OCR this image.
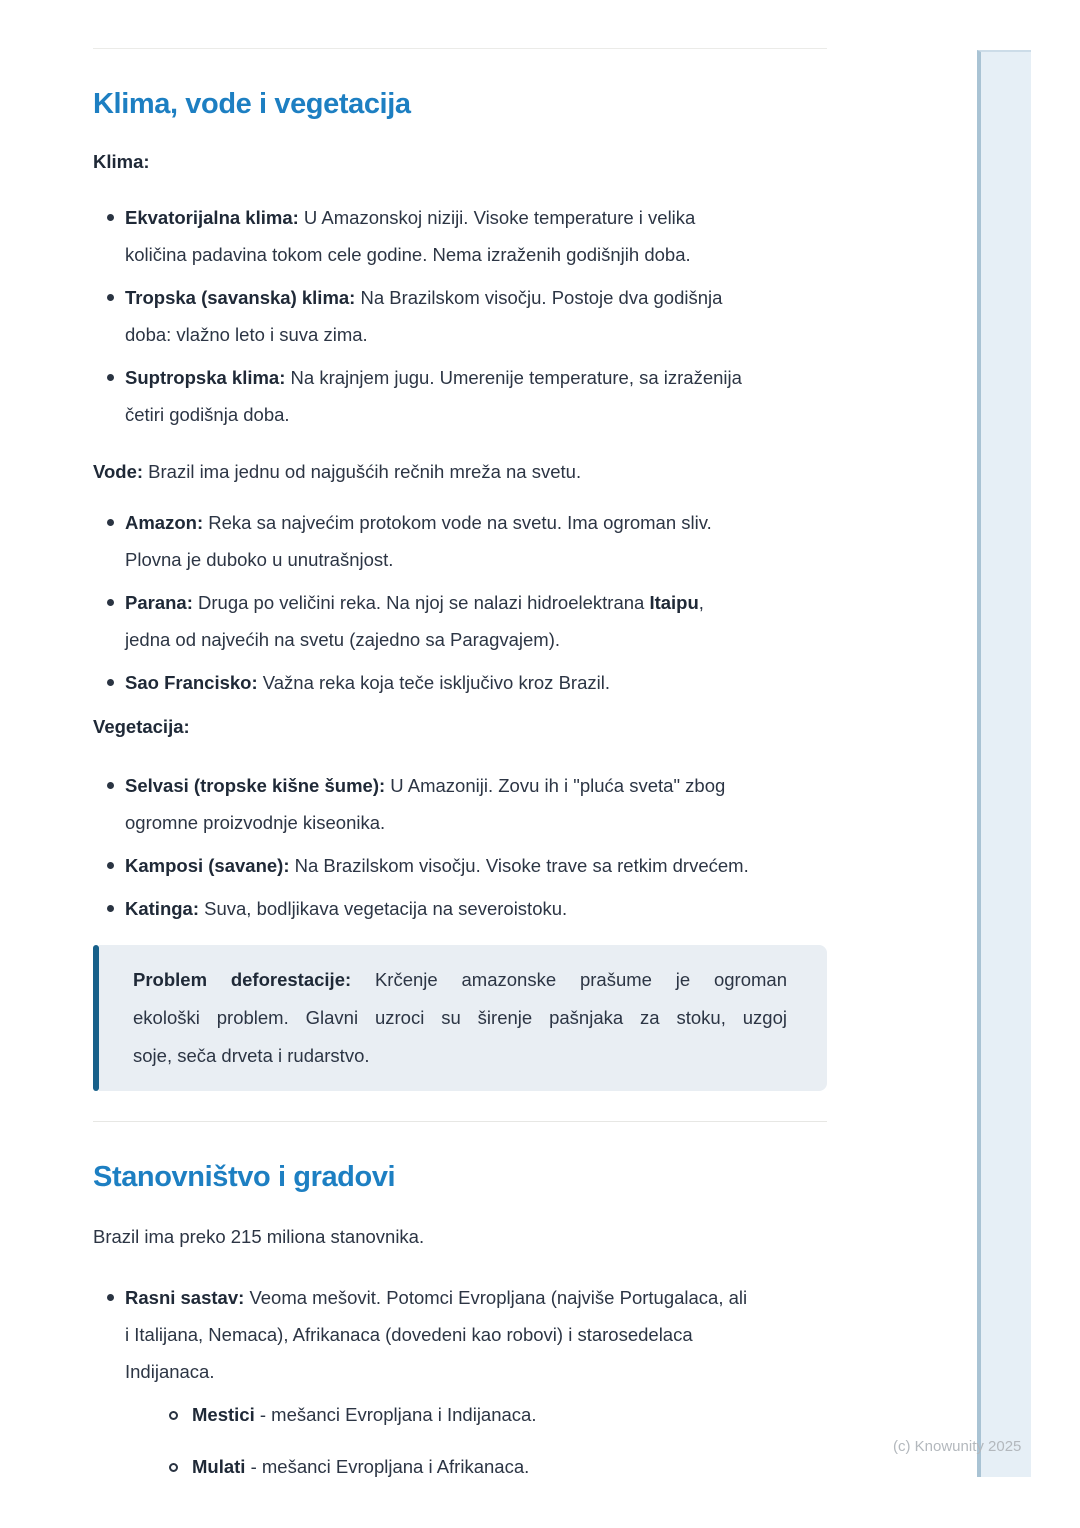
Klima, vode i vegetacija

Klima:

Ekvatorijalna klima: U Amazonskoj niziji. Visoke temperature i velika
količina padavina tokom cele godine. Nema izraženih godišnjih doba.
Tropska (savanska) klima: Na Brazilskom visočju. Postoje dva godišnja
doba: vlažno leto i suva zima.
Suptropska klima: Na krajnjem jugu. Umerenije temperature, sa izraženija
četiri godišnja doba.

Vode: Brazil ima jednu od najgušćih rečnih mreža na svetu.

Amazon: Reka sa najvećim protokom vode na svetu. Ima ogroman sliv.
Plovna je duboko u unutrašnjost.
Parana: Druga po veličini reka. Na njoj se nalazi hidroelektrana Itaipu,
jedna od najvećih na svetu (zajedno sa Paragvajem).
Sao Francisko: Važna reka koja teče isključivo kroz Brazil.

Vegetacija:

Selvasi (tropske kišne šume): U Amazoniji. Zovu ih i "pluća sveta" zbog
ogromne proizvodnje kiseonika.
Kamposi (savane): Na Brazilskom visočju. Visoke trave sa retkim drvećem.
Katinga: Suva, bodljikava vegetacija na severoistoku.
Problem deforestacije: Krčenje amazonske prašume je ogroman
ekološki problem. Glavni uzroci su širenje pašnjaka za stoku, uzgoj
soje, seča drveta i rudarstvo.
Stanovništvo i gradovi

Brazil ima preko 215 miliona stanovnika.

Rasni sastav: Veoma mešovit. Potomci Evropljana (najviše Portugalaca, ali
i Italijana, Nemaca), Afrikanaca (dovedeni kao robovi) i starosedelaca
Indijanaca.
Mestici - mešanci Evropljana i Indijanaca.
Mulati - mešanci Evropljana i Afrikanaca.
(c) Knowunity 2025
